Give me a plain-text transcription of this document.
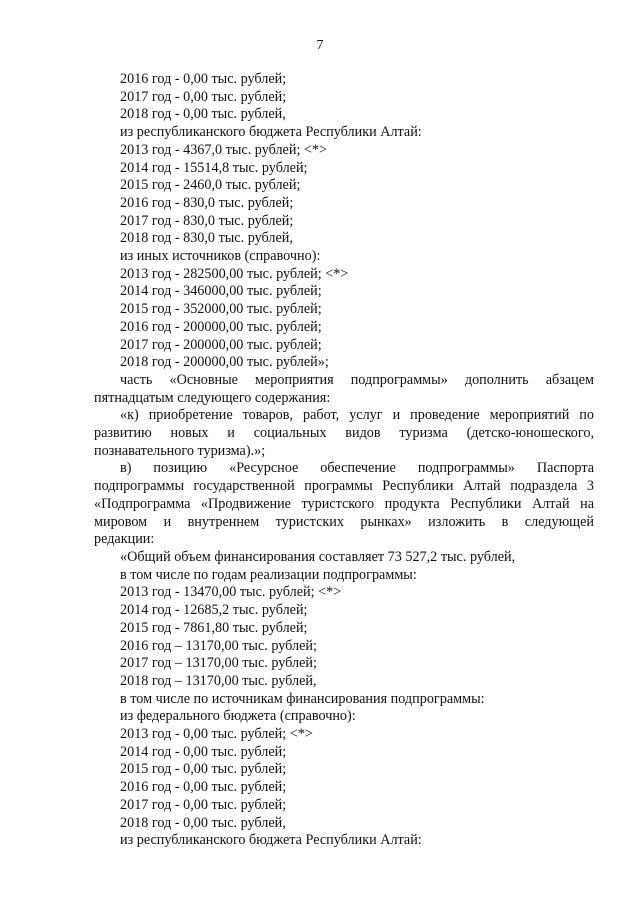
7
2016 год - 0,00 тыс. рублей;
2017 год - 0,00 тыс. рублей;
2018 год - 0,00 тыс. рублей,
из республиканского бюджета Республики Алтай:
2013 год - 4367,0 тыс. рублей; <*>
2014 год - 15514,8 тыс. рублей;
2015 год - 2460,0 тыс. рублей;
2016 год - 830,0 тыс. рублей;
2017 год - 830,0 тыс. рублей;
2018 год - 830,0 тыс. рублей,
из иных источников (справочно):
2013 год - 282500,00 тыс. рублей; <*>
2014 год - 346000,00 тыс. рублей;
2015 год - 352000,00 тыс. рублей;
2016 год - 200000,00 тыс. рублей;
2017 год - 200000,00 тыс. рублей;
2018 год - 200000,00 тыс. рублей»;
часть «Основные мероприятия подпрограммы» дополнить абзацем
пятнадцатым следующего содержания:
«к) приобретение товаров, работ, услуг и проведение мероприятий по
развитию новых и социальных видов туризма (детско-юношеского,
познавательного туризма).»;
в) позицию «Ресурсное обеспечение подпрограммы» Паспорта
подпрограммы государственной программы Республики Алтай подраздела 3
«Подпрограмма «Продвижение туристского продукта Республики Алтай на
мировом и внутреннем туристских рынках» изложить в следующей
редакции:
«Общий объем финансирования составляет 73 527,2 тыс. рублей,
в том числе по годам реализации подпрограммы:
2013 год - 13470,00 тыс. рублей; <*>
2014 год - 12685,2 тыс. рублей;
2015 год - 7861,80 тыс. рублей;
2016 год – 13170,00 тыс. рублей;
2017 год – 13170,00 тыс. рублей;
2018 год – 13170,00 тыс. рублей,
в том числе по источникам финансирования подпрограммы:
из федерального бюджета (справочно):
2013 год - 0,00 тыс. рублей; <*>
2014 год - 0,00 тыс. рублей;
2015 год - 0,00 тыс. рублей;
2016 год - 0,00 тыс. рублей;
2017 год - 0,00 тыс. рублей;
2018 год - 0,00 тыс. рублей,
из республиканского бюджета Республики Алтай:
